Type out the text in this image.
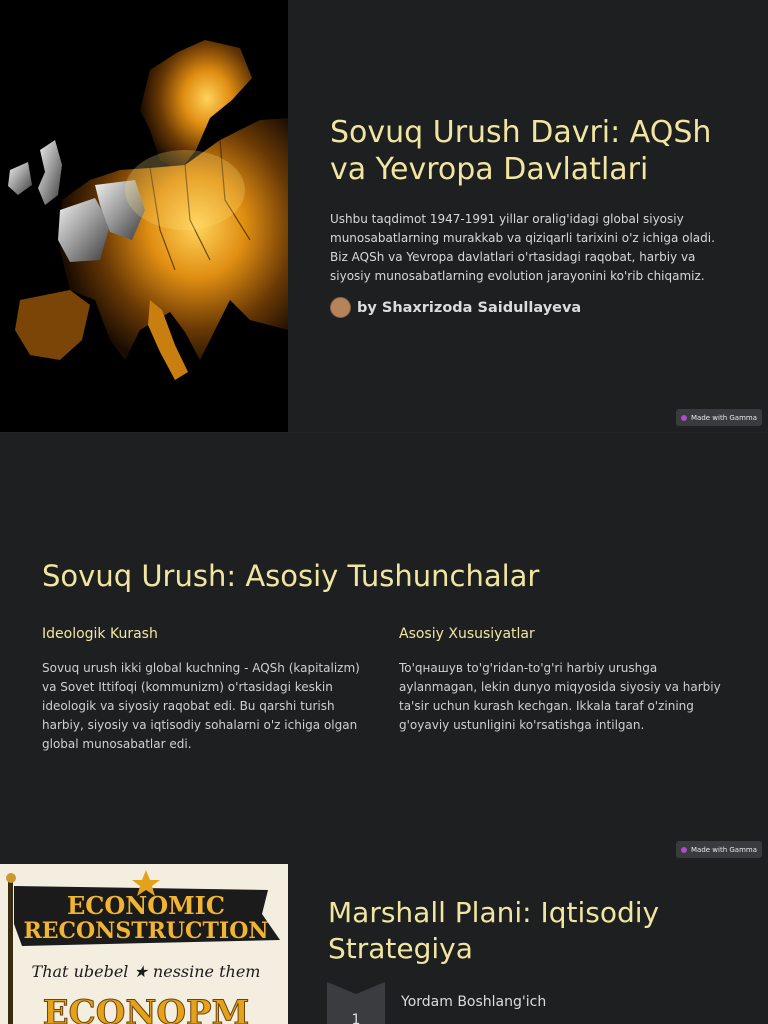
Sovuq Urush Davri: AQSh va Yevropa Davlatlari

Ushbu taqdimot 1947-1991 yillar oralig'idagi global siyosiy munosabatlarning murakkab va qiziqarli tarixini o'z ichiga oladi. Biz AQSh va Yevropa davlatlari o'rtasidagi raqobat, harbiy va siyosiy munosabatlarning evolution jarayonini ko'rib chiqamiz.

by Shaxrizoda Saidullayeva
Made with Gamma
Sovuq Urush: Asosiy Tushunchalar
Ideologik Kurash

Sovuq urush ikki global kuchning - AQSh (kapitalizm) va Sovet Ittifoqi (kommunizm) o'rtasidagi keskin ideologik va siyosiy raqobat edi. Bu qarshi turish harbiy, siyosiy va iqtisodiy sohalarni o'z ichiga olgan global munosabatlar edi.

Asosiy Xususiyatlar

To'qнашув to'g'ridan-to'g'ri harbiy urushga aylanmagan, lekin dunyo miqyosida siyosiy va harbiy ta'sir uchun kurash kechgan. Ikkala taraf o'zining g'oyaviy ustunligini ko'rsatishga intilgan.

Made with Gamma
ECONOMIC
RECONSTRUCTION
That ubebel ★ nessine them
ECONOPM
Marshall Plani: Iqtisodiy Strategiya
1
Yordam Boshlang'ich
